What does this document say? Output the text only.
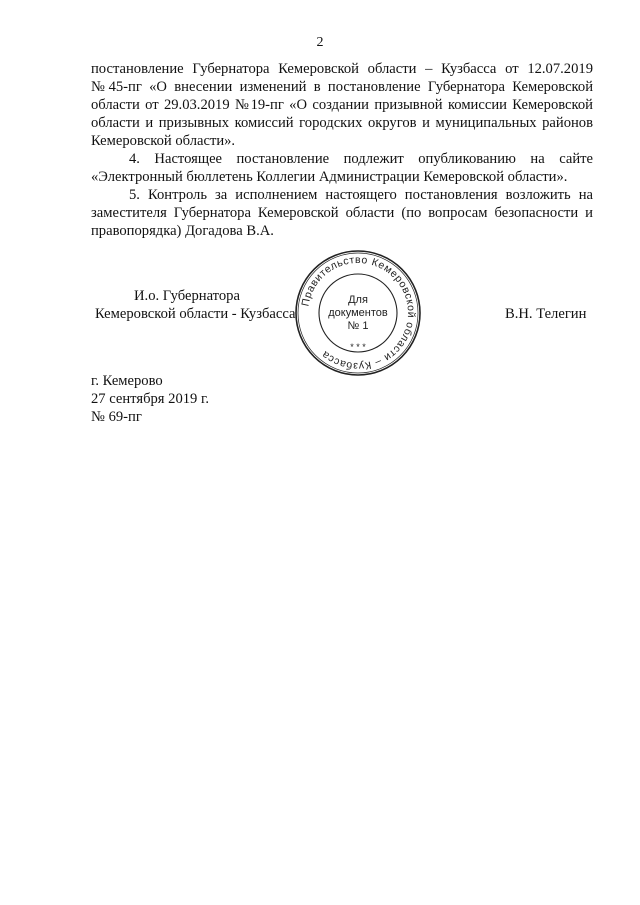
2

постановление Губернатора Кемеровской области – Кузбасса от 12.07.2019 №45-пг «О внесении изменений в постановление Губернатора Кемеровской области от 29.03.2019 №19-пг «О создании призывной комиссии Кемеровской области и призывных комиссий городских округов и муниципальных районов Кемеровской области».

4. Настоящее постановление подлежит опубликованию на сайте «Электронный бюллетень Коллегии Администрации Кемеровской области».

5. Контроль за исполнением настоящего постановления возложить на заместителя Губернатора Кемеровской области (по вопросам безопасности и правопорядка) Догадова В.А.

И.о. Губернатора
Кемеровской области - Кузбасса	В.Н. Телегин
Правительство Кемеровской области – Кузбасса
* * *
Для
документов
№ 1
г. Кемерово
27 сентября 2019 г.
№ 69-пг
